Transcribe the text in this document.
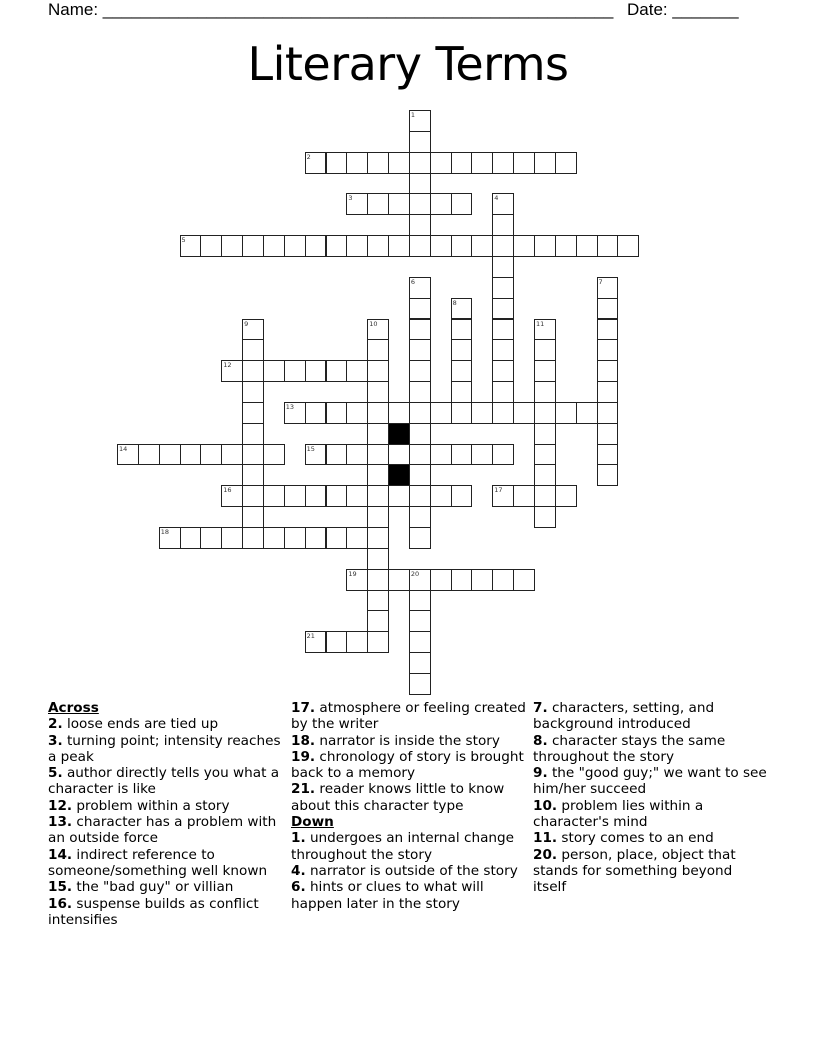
Name: ______________________________________________________ Date: _______
Literary Terms
1
2
3	4
5
6	7
8
9	10	11
12
13
14	15
16	17
18
19	20
21
Across
2. loose ends are tied up
3. turning point; intensity reaches a peak
5. author directly tells you what a character is like
12. problem within a story
13. character has a problem with an outside force
14. indirect reference to someone/something well known
15. the "bad guy" or villian
16. suspense builds as conflict intensifies
17. atmosphere or feeling created by the writer
18. narrator is inside the story
19. chronology of story is brought back to a memory
21. reader knows little to know about this character type
Down
1. undergoes an internal change throughout the story
4. narrator is outside of the story
6. hints or clues to what will happen later in the story
7. characters, setting, and background introduced
8. character stays the same throughout the story
9. the "good guy;" we want to see him/her succeed
10. problem lies within a character's mind
11. story comes to an end
20. person, place, object that stands for something beyond itself
